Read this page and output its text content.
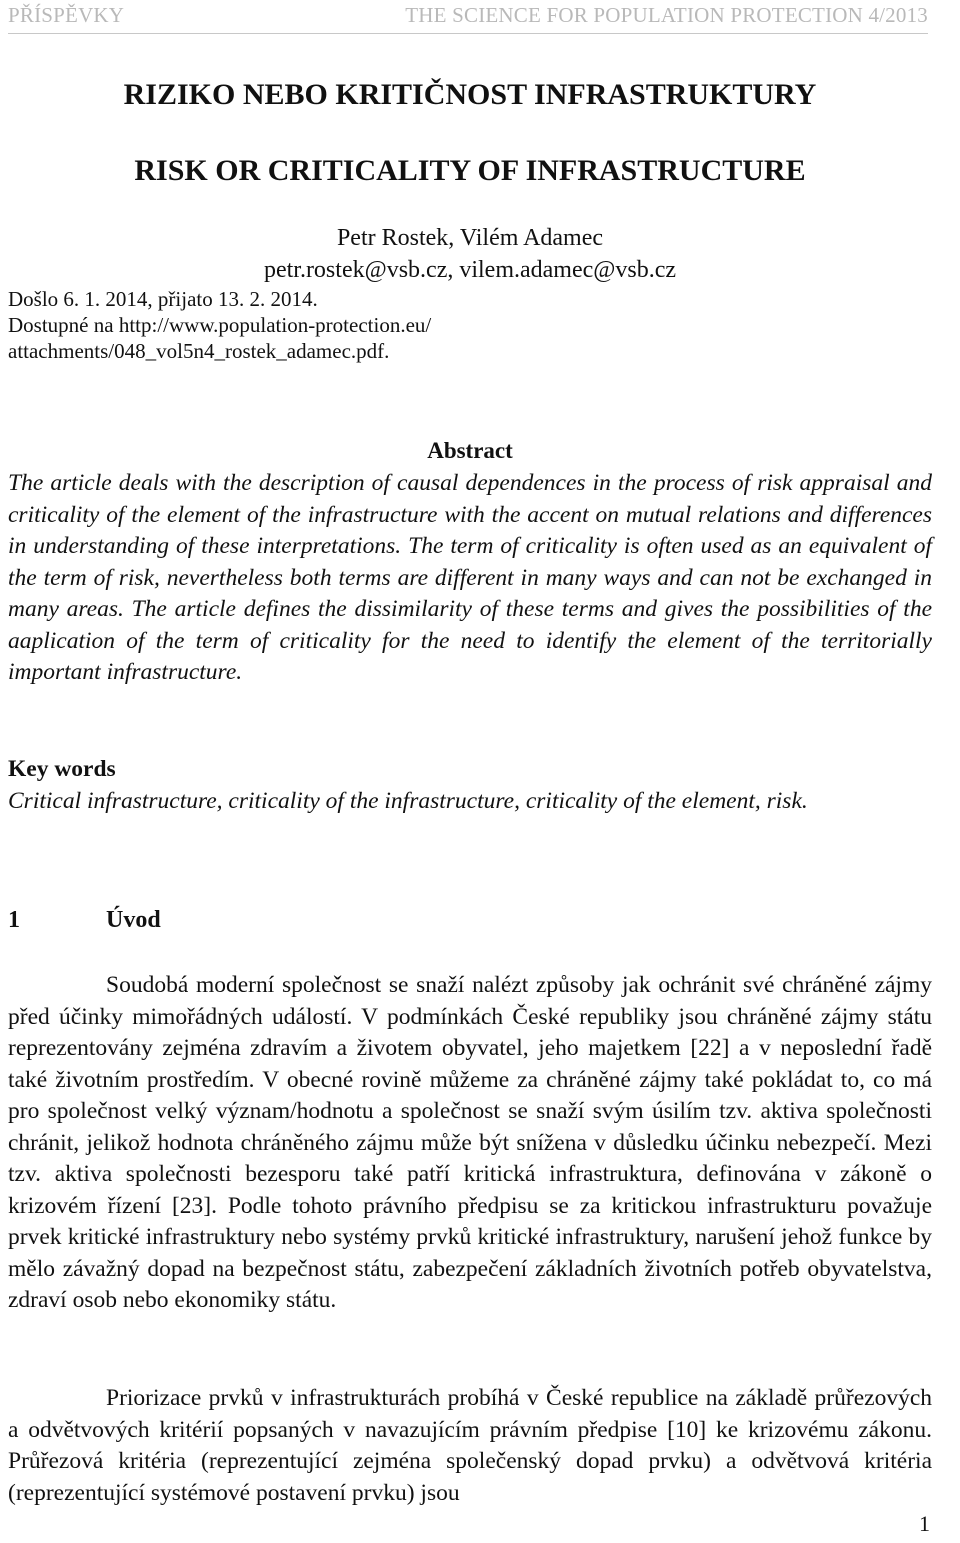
PŘÍSPĚVKY	THE SCIENCE FOR POPULATION PROTECTION 4/2013
RIZIKO NEBO KRITIČNOST INFRASTRUKTURY
RISK OR CRITICALITY OF INFRASTRUCTURE
Petr Rostek, Vilém Adamec
petr.rostek@vsb.cz, vilem.adamec@vsb.cz
Došlo 6. 1. 2014, přijato 13. 2. 2014.
Dostupné na http://www.population-protection.eu/
attachments/048_vol5n4_rostek_adamec.pdf.
Abstract

The article deals with the description of causal dependences in the process of risk appraisal and criticality of the element of the infrastructure with the accent on mutual relations and differences in understanding of these interpretations. The term of criticality is often used as an equivalent of the term of risk, nevertheless both terms are different in many ways and can not be exchanged in many areas. The article defines the dissimilarity of these terms and gives the possibilities of the aaplication of the term of criticality for the need to identify the element of the territorially important infrastructure.

Key words

Critical infrastructure, criticality of the infrastructure, criticality of the element, risk.

1	Úvod

Soudobá moderní společnost se snaží nalézt způsoby jak ochránit své chráněné zájmy před účinky mimořádných událostí. V podmínkách České republiky jsou chráněné zájmy státu reprezentovány zejména zdravím a životem obyvatel, jeho majetkem [22] a v neposlední řadě také životním prostředím. V obecné rovině můžeme za chráněné zájmy také pokládat to, co má pro společnost velký význam/hodnotu a společnost se snaží svým úsilím tzv. aktiva společnosti chránit, jelikož hodnota chráněného zájmu může být snížena v důsledku účinku nebezpečí. Mezi tzv. aktiva společnosti bezesporu také patří kritická infrastruktura, definována v zákoně o krizovém řízení [23]. Podle tohoto právního předpisu se za kritickou infrastrukturu považuje prvek kritické infrastruktury nebo systémy prvků kritické infrastruktury, narušení jehož funkce by mělo závažný dopad na bezpečnost státu, zabezpečení základních životních potřeb obyvatelstva, zdraví osob nebo ekonomiky státu.

Priorizace prvků v infrastrukturách probíhá v České republice na základě průřezových a odvětvových kritérií popsaných v navazujícím právním předpise [10] ke krizovému zákonu. Průřezová kritéria (reprezentující zejména společenský dopad prvku) a odvětvová kritéria (reprezentující systémové postavení prvku) jsou

1
